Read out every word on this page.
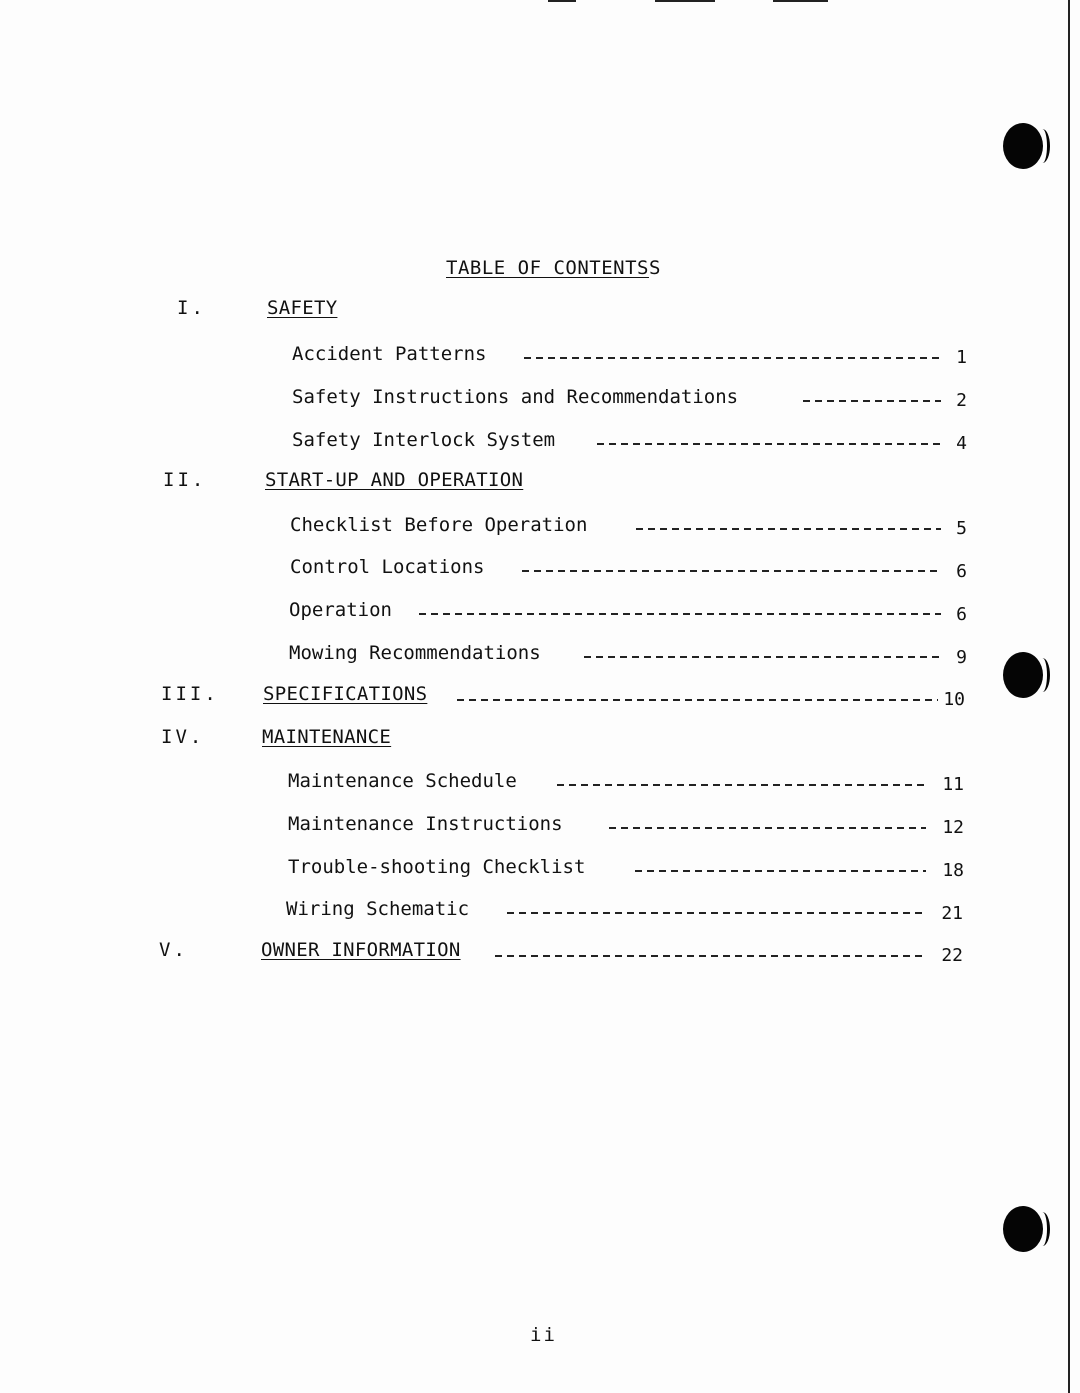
TABLE OF CONTENTSS
I.	SAFETY
Accident Patterns	1
Safety Instructions and Recommendations	2
Safety Interlock System	4
II.	START-UP AND OPERATION
Checklist Before Operation	5
Control Locations	6
Operation	6
Mowing Recommendations	9
III. SPECIFICATIONS	10
IV.	MAINTENANCE
Maintenance Schedule	11
Maintenance Instructions	12
Trouble-shooting Checklist	18
Wiring Schematic	21
V.	OWNER INFORMATION	22
ii
